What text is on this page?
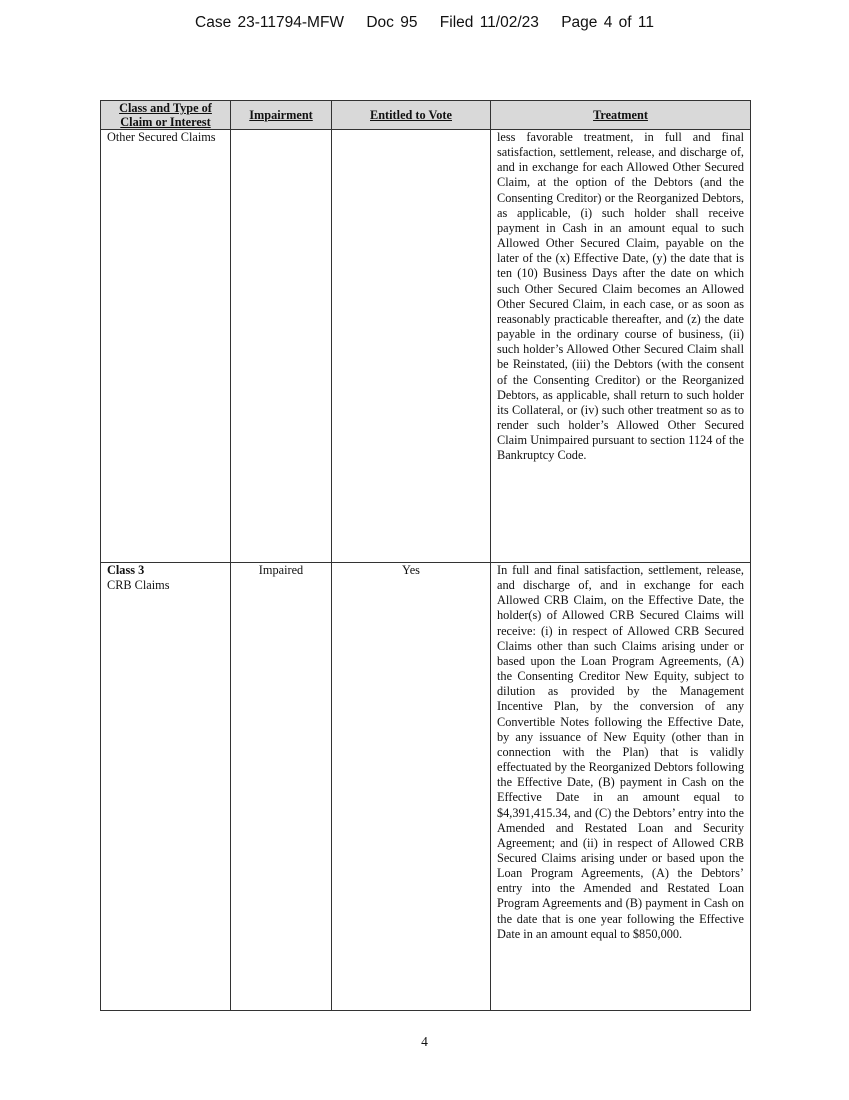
Case 23-11794-MFW Doc 95 Filed 11/02/23 Page 4 of 11
Class and Type of Claim or Interest	Impairment	Entitled to Vote	Treatment
Other Secured Claims			less favorable treatment, in full and final satisfaction, settlement, release, and discharge of, and in exchange for each Allowed Other Secured Claim, at the option of the Debtors (and the Consenting Creditor) or the Reorganized Debtors, as applicable, (i) such holder shall receive payment in Cash in an amount equal to such Allowed Other Secured Claim, payable on the later of the (x) Effective Date, (y) the date that is ten (10) Business Days after the date on which such Other Secured Claim becomes an Allowed Other Secured Claim, in each case, or as soon as reasonably practicable thereafter, and (z) the date payable in the ordinary course of business, (ii) such holder’s Allowed Other Secured Claim shall be Reinstated, (iii) the Debtors (with the consent of the Consenting Creditor) or the Reorganized Debtors, as applicable, shall return to such holder its Collateral, or (iv) such other treatment so as to render such holder’s Allowed Other Secured Claim Unimpaired pursuant to section 1124 of the Bankruptcy Code.

Class 3
CRB Claims	Impaired	Yes	In full and final satisfaction, settlement, release, and discharge of, and in exchange for each Allowed CRB Claim, on the Effective Date, the holder(s) of Allowed CRB Secured Claims will receive: (i) in respect of Allowed CRB Secured Claims other than such Claims arising under or based upon the Loan Program Agreements, (A) the Consenting Creditor New Equity, subject to dilution as provided by the Management Incentive Plan, by the conversion of any Convertible Notes following the Effective Date, by any issuance of New Equity (other than in connection with the Plan) that is validly effectuated by the Reorganized Debtors following the Effective Date, (B) payment in Cash on the Effective Date in an amount equal to $4,391,415.34, and (C) the Debtors’ entry into the Amended and Restated Loan and Security Agreement; and (ii) in respect of Allowed CRB Secured Claims arising under or based upon the Loan Program Agreements, (A) the Debtors’ entry into the Amended and Restated Loan Program Agreements and (B) payment in Cash on the date that is one year following the Effective Date in an amount equal to $850,000.
4
